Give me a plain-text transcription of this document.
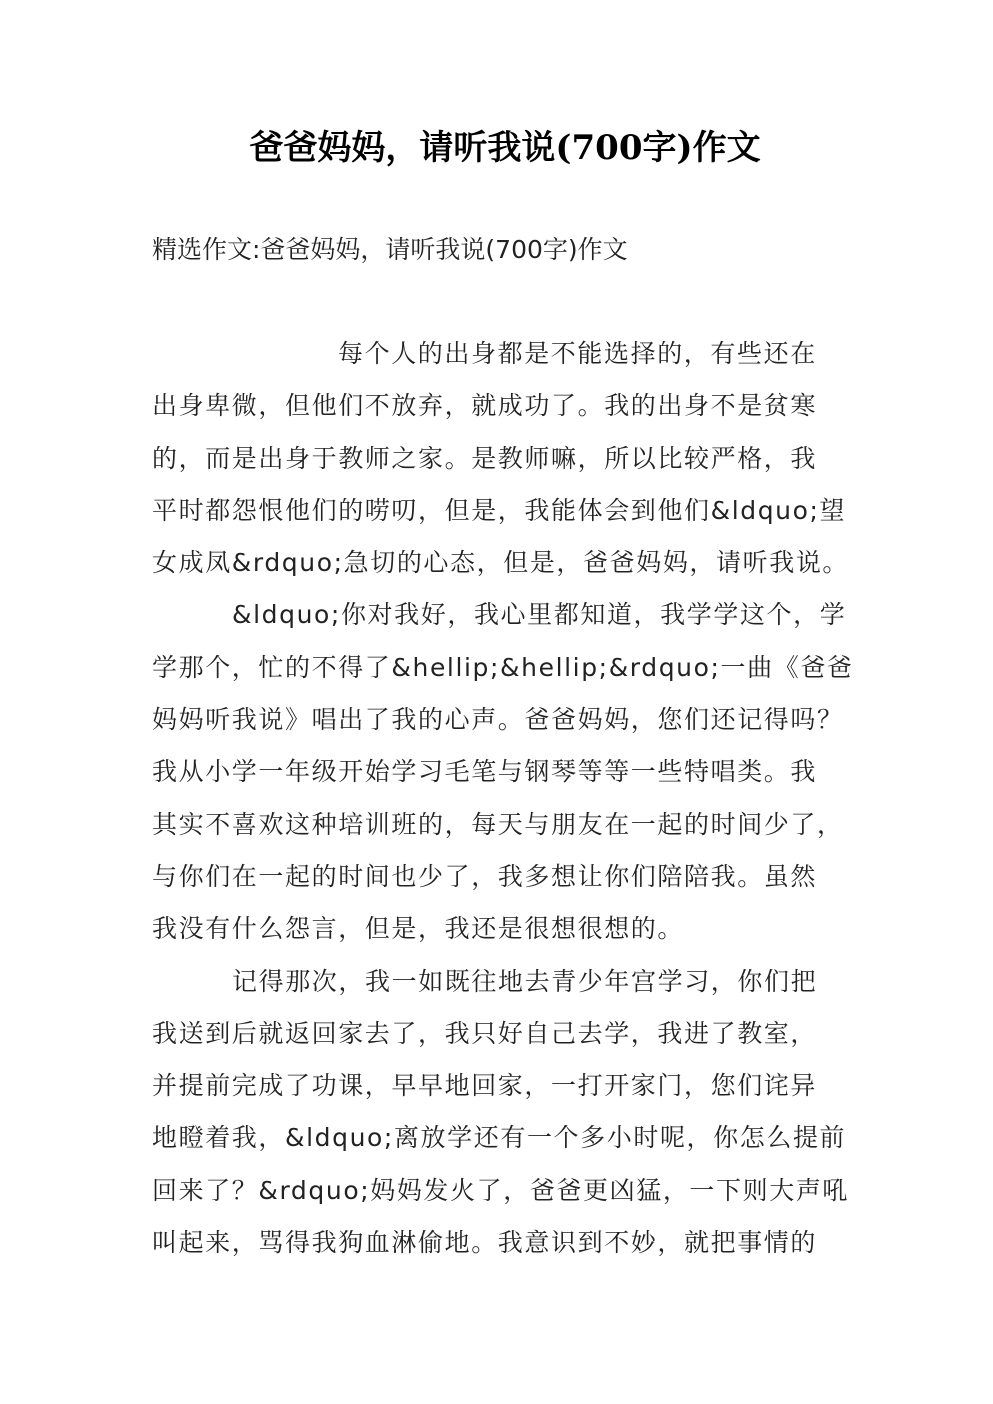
爸爸妈妈，请听我说(700字)作文
精选作文:爸爸妈妈，请听我说(700字)作文
每个人的出身都是不能选择的，有些还在
出身卑微，但他们不放弃，就成功了。我的出身不是贫寒
的，而是出身于教师之家。是教师嘛，所以比较严格，我
平时都怨恨他们的唠叨，但是，我能体会到他们&ldquo;望
女成凤&rdquo;急切的心态，但是，爸爸妈妈，请听我说。
&ldquo;你对我好，我心里都知道，我学学这个，学
学那个，忙的不得了&hellip;&hellip;&rdquo;一曲《爸爸
妈妈听我说》唱出了我的心声。爸爸妈妈，您们还记得吗？
我从小学一年级开始学习毛笔与钢琴等等一些特唱类。我
其实不喜欢这种培训班的，每天与朋友在一起的时间少了，
与你们在一起的时间也少了，我多想让你们陪陪我。虽然
我没有什么怨言，但是，我还是很想很想的。
记得那次，我一如既往地去青少年宫学习，你们把
我送到后就返回家去了，我只好自己去学，我进了教室，
并提前完成了功课，早早地回家，一打开家门，您们诧异
地瞪着我，&ldquo;离放学还有一个多小时呢，你怎么提前
回来了？&rdquo;妈妈发火了，爸爸更凶猛，一下则大声吼
叫起来，骂得我狗血淋偷地。我意识到不妙，就把事情的
